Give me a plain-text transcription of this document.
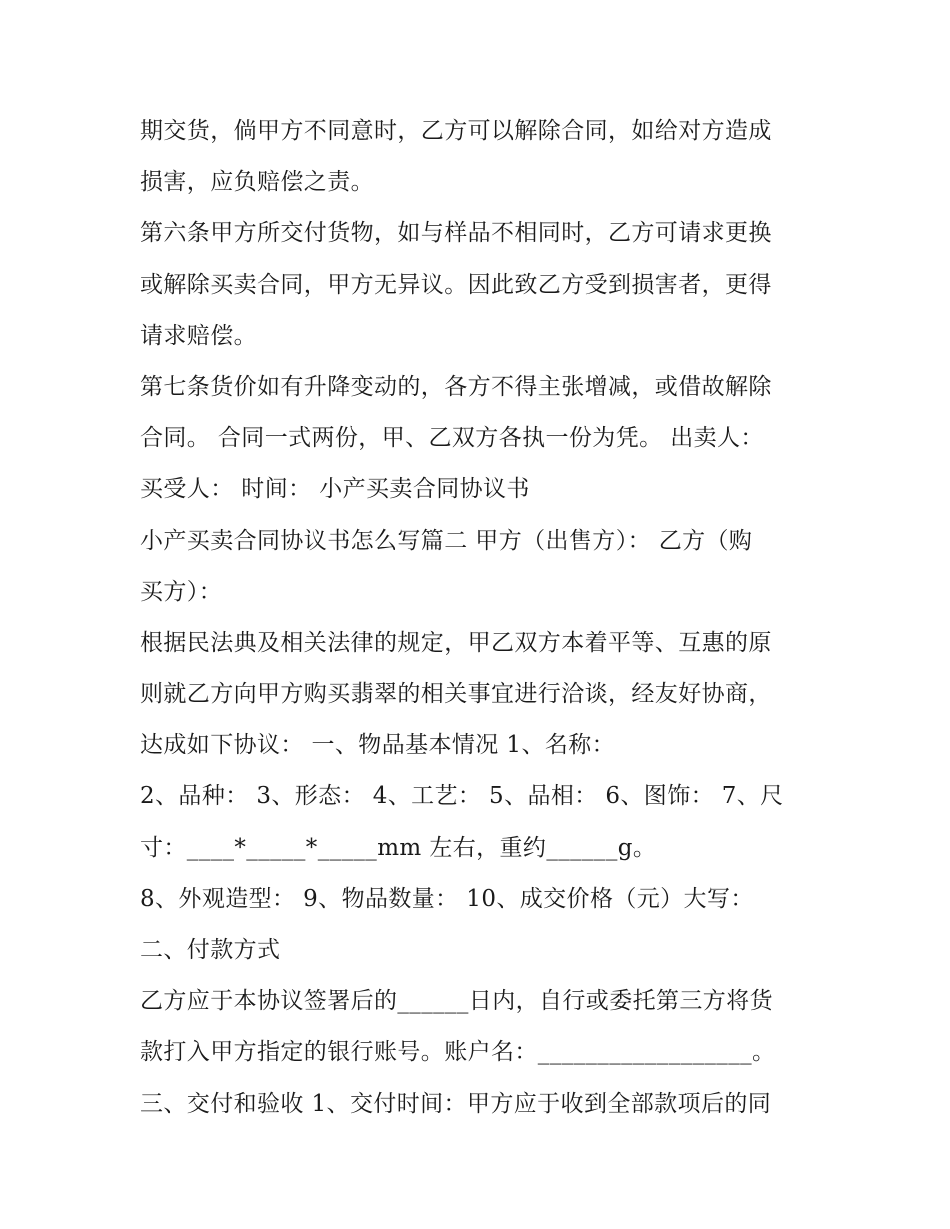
期交货，倘甲方不同意时，乙方可以解除合同，如给对方造成
损害，应负赔偿之责。
第六条甲方所交付货物，如与样品不相同时，乙方可请求更换
或解除买卖合同，甲方无异议。因此致乙方受到损害者，更得
请求赔偿。
第七条货价如有升降变动的，各方不得主张增减，或借故解除
合同。 合同一式两份，甲、乙双方各执一份为凭。 出卖人：
买受人： 时间： 小产买卖合同协议书
小产买卖合同协议书怎么写篇二 甲方（出售方）： 乙方（购
买方）：
根据民法典及相关法律的规定，甲乙双方本着平等、互惠的原
则就乙方向甲方购买翡翠的相关事宜进行洽谈，经友好协商，
达成如下协议： 一、物品基本情况 1、名称：
2、品种： 3、形态： 4、工艺： 5、品相： 6、图饰： 7、尺
寸：____*_____*_____mm 左右，重约______g。
8、外观造型： 9、物品数量： 10、成交价格（元）大写：
二、付款方式
乙方应于本协议签署后的______日内，自行或委托第三方将货
款打入甲方指定的银行账号。账户名：__________________。
三、交付和验收 1、交付时间：甲方应于收到全部款项后的同
